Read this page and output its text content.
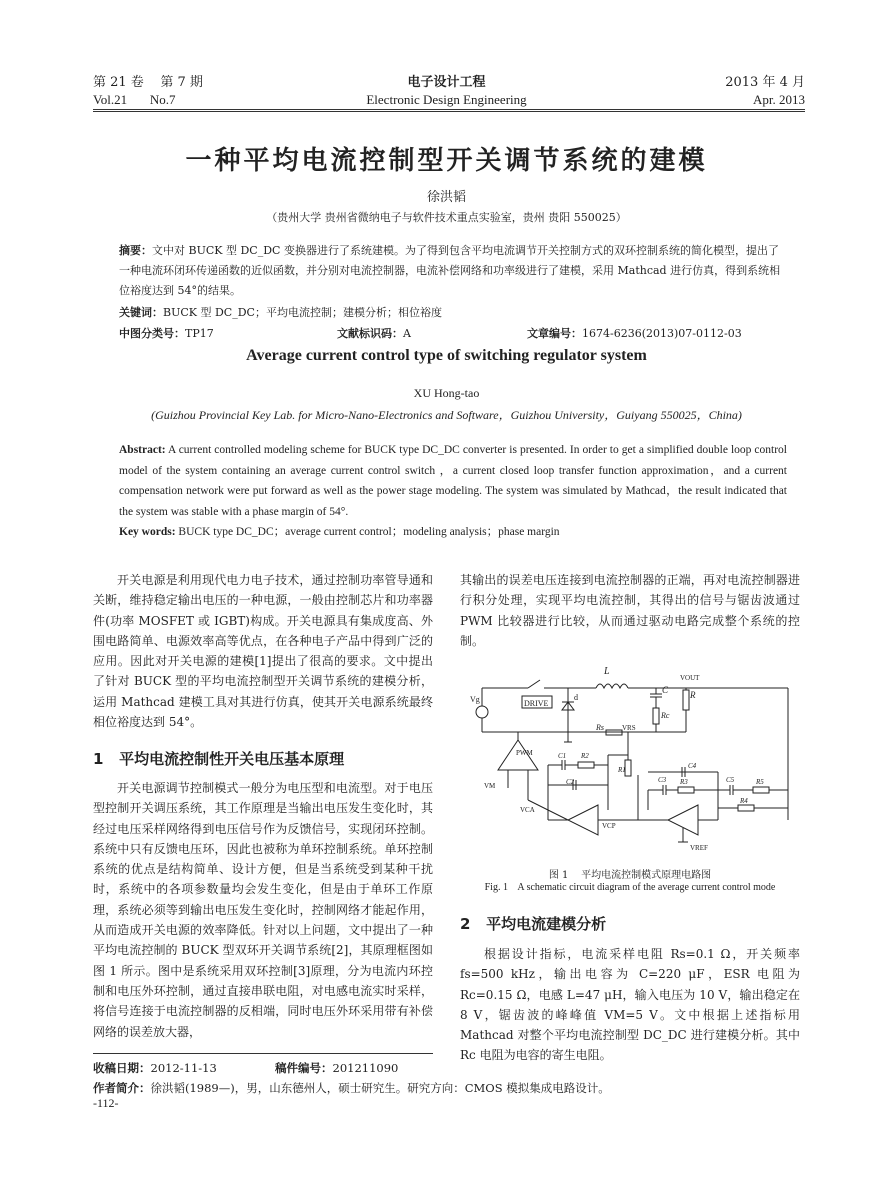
第 21 卷    第 7 期
Vol.21       No.7
电子设计工程
Electronic Design Engineering
2013 年 4 月
Apr. 2013
一种平均电流控制型开关调节系统的建模
徐洪韬
（贵州大学 贵州省微纳电子与软件技术重点实验室，贵州 贵阳 550025）
摘要：文中对 BUCK 型 DC_DC 变换器进行了系统建模。为了得到包含平均电流调节开关控制方式的双环控制系统的简化模型，提出了一种电流环闭环传递函数的近似函数，并分别对电流控制器，电流补偿网络和功率级进行了建模，采用 Mathcad 进行仿真，得到系统相位裕度达到 54°的结果。
关键词：BUCK 型 DC_DC；平均电流控制；建模分析；相位裕度
中图分类号：TP17	文献标识码：A	文章编号：1674-6236(2013)07-0112-03
Average current control type of switching regulator system
XU Hong-tao
(Guizhou Provincial Key Lab. for Micro-Nano-Electronics and Software，Guizhou University，Guiyang 550025，China)
Abstract: A current controlled modeling scheme for BUCK type DC_DC converter is presented. In order to get a simplified double loop control model of the system containing an average current control switch ，a current closed loop transfer function approximation，and a current compensation network were put forward as well as the power stage modeling. The system was simulated by Mathcad，the result indicated that the system was stable with a phase margin of 54°.
Key words: BUCK type DC_DC；average current control；modeling analysis；phase margin
开关电源是利用现代电力电子技术，通过控制功率管导通和关断，维持稳定输出电压的一种电源，一般由控制芯片和功率器件(功率 MOSFET 或 IGBT)构成。开关电源具有集成度高、外围电路简单、电源效率高等优点，在各种电子产品中得到广泛的应用。因此对开关电源的建模[1]提出了很高的要求。文中提出了针对 BUCK 型的平均电流控制型开关调节系统的建模分析，运用 Mathcad 建模工具对其进行仿真，使其开关电源系统最终相位裕度达到 54°。
1   平均电流控制性开关电压基本原理
开关电源调节控制模式一般分为电压型和电流型。对于电压型控制开关调压系统，其工作原理是当输出电压发生变化时，其经过电压采样网络得到电压信号作为反馈信号，实现闭环控制。系统中只有反馈电压环，因此也被称为单环控制系统。单环控制系统的优点是结构简单、设计方便，但是当系统受到某种干扰时，系统中的各项参数量均会发生变化，但是由于单环工作原理，系统必须等到输出电压发生变化时，控制网络才能起作用，从而造成开关电源的效率降低。针对以上问题，文中提出了一种平均电流控制的 BUCK 型双环开关调节系统[2]，其原理框图如图 1 所示。图中是系统采用双环控制[3]原理，分为电流内环控制和电压外环控制，通过直接串联电阻，对电感电流实时采样，将信号连接于电流控制器的反相端，同时电压外环采用带有补偿网络的误差放大器，
其输出的误差电压连接到电流控制器的正端，再对电流控制器进行积分处理，实现平均电流控制，其得出的信号与锯齿波通过 PWM 比较器进行比较，从而通过驱动电路完成整个系统的控制。
L
C R
Rc
VOUT
Vg	DRIVE
d
Rs	VRS
PWM	C1
C2	C3
C4
C5
R1
R2
R3
R4
R5
VM
VCA
VCP
VREF
图 1    平均电流控制模式原理电路图
Fig. 1    A schematic circuit diagram of the average current control mode
2   平均电流建模分析
根据设计指标，电流采样电阻 Rs=0.1 Ω，开关频率 fs=500 kHz，输出电容为 C=220 μF，ESR 电阻为 Rc=0.15 Ω，电感 L=47 μH，输入电压为 10 V，输出稳定在 8 V，锯齿波的峰峰值 VM=5 V。文中根据上述指标用 Mathcad 对整个平均电流控制型 DC_DC 进行建模分析。其中 Rc 电阻为电容的寄生电阻。
收稿日期：2012-11-13	稿件编号：201211090
作者简介：徐洪韬(1989—)，男，山东德州人，硕士研究生。研究方向：CMOS 模拟集成电路设计。
-112-
